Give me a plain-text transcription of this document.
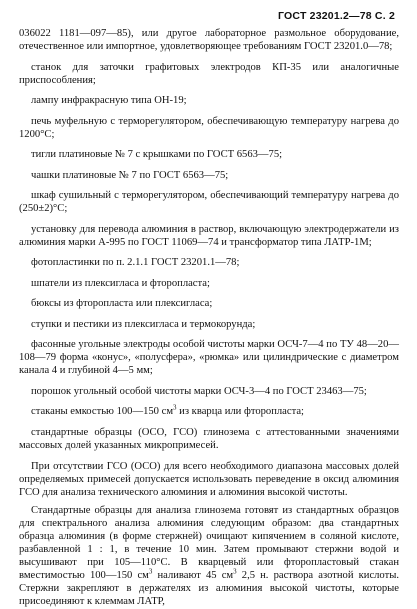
ГОСТ 23201.2—78 С. 2
036022 1181—097—85), или другое лабораторное размольное оборудование, отечественное или импортное, удовлетворяющее требованиям ГОСТ 23201.0—78;
станок для заточки графитовых электродов КП-35 или аналогичные приспособления;
лампу инфракрасную типа ОН-19;
печь муфельную с терморегулятором, обеспечивающую температуру нагрева до 1200°С;
тигли платиновые № 7 с крышками по ГОСТ 6563—75;
чашки платиновые № 7 по ГОСТ 6563—75;
шкаф сушильный с терморегулятором, обеспечивающий температуру нагрева до (250±2)°С;
установку для перевода алюминия в раствор, включающую электродержатели из алюминия марки А-995 по ГОСТ 11069—74 и трансформатор типа ЛАТР-1М;
фотопластинки по п. 2.1.1 ГОСТ 23201.1—78;
шпатели из плексигласа и фторопласта;
бюксы из фторопласта или плексигласа;
ступки и пестики из плексигласа и термокорунда;
фасонные угольные электроды особой чистоты марки ОСЧ-7—4 по ТУ 48—20—108—79 форма «конус», «полусфера», «рюмка» или цилиндрические с диаметром канала 4 и глубиной 4—5 мм;
порошок угольный особой чистоты марки ОСЧ-3—4 по ГОСТ 23463—75;
стаканы емкостью 100—150 $см^3$ из кварца или фторопласта;
стандартные образцы (ОСО, ГСО) глинозема с аттестованными значениями массовых долей указанных микропримесей.
При отсутствии ГСО (ОСО) для всего необходимого диапазона массовых долей определяемых примесей допускается использовать переведение в оксид алюминия ГСО для анализа технического алюминия и алюминия высокой чистоты.
Стандартные образцы для анализа глинозема готовят из стандартных образцов для спектрального анализа алюминия следующим образом: два стандартных образца алюминия (в форме стержней) очищают кипячением в соляной кислоте, разбавленной 1 : 1, в течение 10 мин. Затем промывают стержни водой и высушивают при 105—110°С. В кварцевый или фторопластовый стакан вместимостью 100—150 $см^3$ наливают 45 $см^3$ 2,5 н. раствора азотной кислоты. Стержни закрепляют в держателях из алюминия высокой чистоты, которые присоединяют к клеммам ЛАТР,
